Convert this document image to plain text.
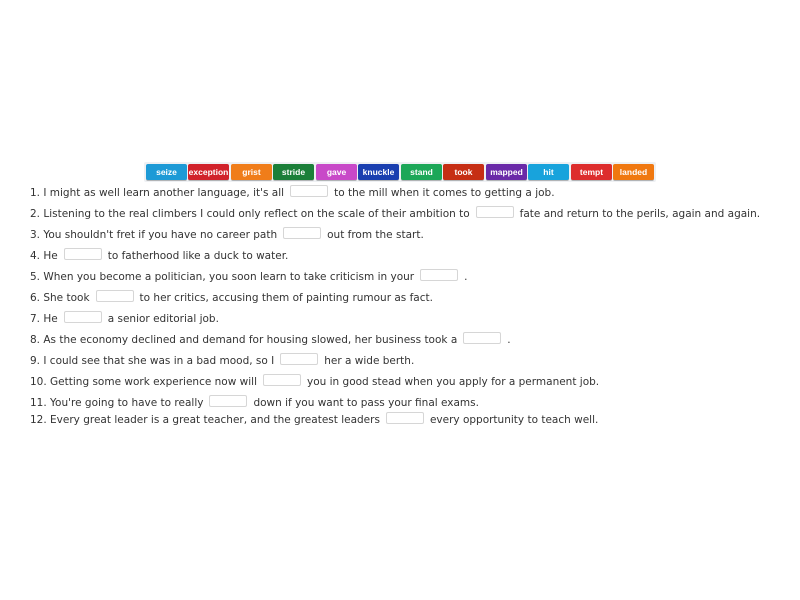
seize	exception	grist	stride	gave	knuckle	stand	took	mapped	hit	tempt	landed
1. I might as well learn another language, it's all	to the mill when it comes to getting a job.
2. Listening to the real climbers I could only reflect on the scale of their ambition to	fate and return to the perils, again and again.
3. You shouldn't fret if you have no career path	out from the start.
4. He	to fatherhood like a duck to water.
5. When you become a politician, you soon learn to take criticism in your	.
6. She took	to her critics, accusing them of painting rumour as fact.
7. He	a senior editorial job.
8. As the economy declined and demand for housing slowed, her business took a	.
9. I could see that she was in a bad mood, so I	her a wide berth.
10. Getting some work experience now will	you in good stead when you apply for a permanent job.
11. You're going to have to really	down if you want to pass your final exams.
12. Every great leader is a great teacher, and the greatest leaders	every opportunity to teach well.
